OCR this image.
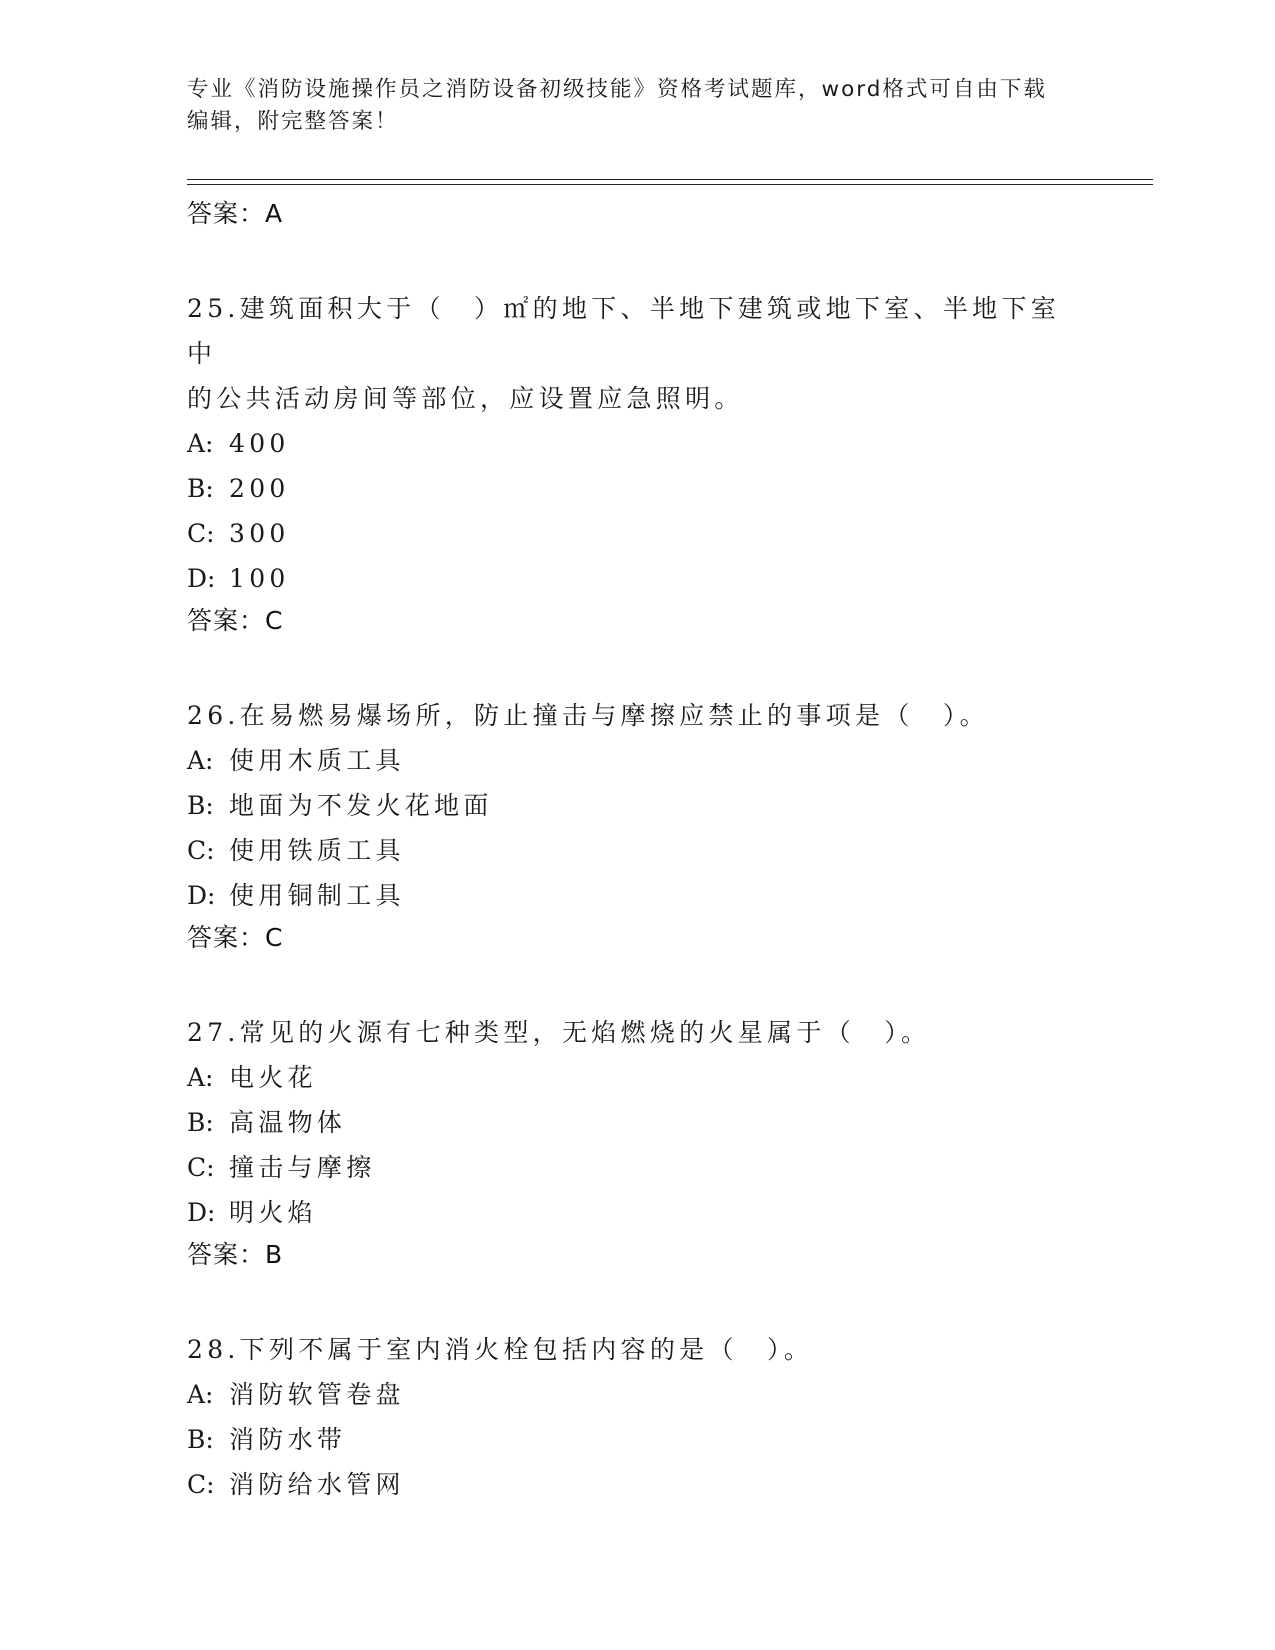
专业《消防设施操作员之消防设备初级技能》资格考试题库，word格式可自由下载编辑，附完整答案！
答案：A
25.建筑面积大于（　）㎡的地下、半地下建筑或地下室、半地下室中
的公共活动房间等部位，应设置应急照明。
A: 400
B: 200
C: 300
D: 100
答案：C
26.在易燃易爆场所，防止撞击与摩擦应禁止的事项是（　）。
A: 使用木质工具
B: 地面为不发火花地面
C: 使用铁质工具
D: 使用铜制工具
答案：C
27.常见的火源有七种类型，无焰燃烧的火星属于（　）。
A: 电火花
B: 高温物体
C: 撞击与摩擦
D: 明火焰
答案：B
28.下列不属于室内消火栓包括内容的是（　）。
A: 消防软管卷盘
B: 消防水带
C: 消防给水管网
